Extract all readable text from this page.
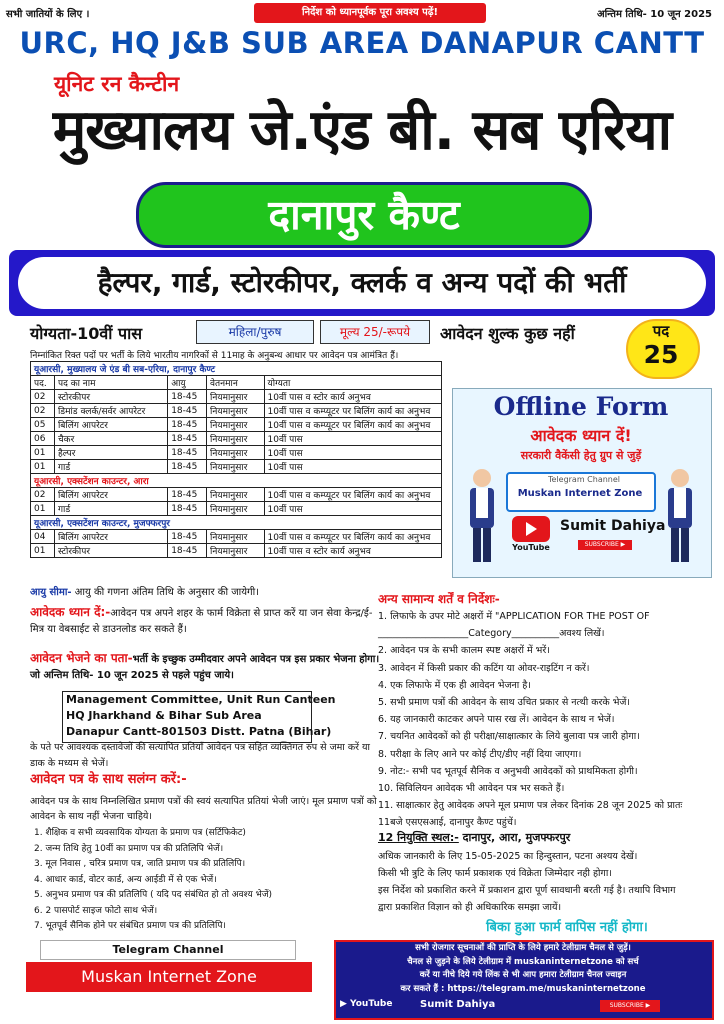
सभी जातियों के लिए ।	निर्देश को ध्यानपूर्वक पूरा अवश्य पढ़ें!	अन्तिम तिथि- 10 जून 2025
URC, HQ J&B SUB AREA DANAPUR CANTT
यूनिट रन कैन्टीन
मुख्यालय जे.एंड बी. सब एरिया
दानापुर कैण्ट
हैल्पर, गार्ड, स्टोरकीपर, क्लर्क व अन्य पदों की भर्ती
योग्यता-10वीं पास	महिला/पुरुष	मूल्य 25/-रूपये	आवेदन शुल्क कुछ नहीं	पद
25
निम्नांकित रिक्त पदों पर भर्ती के लिये भारतीय नागरिकों से 11माह के अनुबन्ध आधार पर आवेदन पत्र आमंत्रित हैं।
यूआरसी, मुख्यालय जे एंड बी सब-एरिया, दानापुर कैण्ट				
पद.	पद का नाम	आयु	वेतनमान	योग्यता
02	स्टोरकीपर	18-45	नियमानुसार	10वीं पास व स्टोर कार्य अनुभव
02	डिमांड क्लर्क/सर्वर आपरेटर	18-45	नियमानुसार	10वीं पास व कम्प्यूटर पर बिलिंग कार्य का अनुभव
05	बिलिंग आपरेटर	18-45	नियमानुसार	10वीं पास व कम्प्यूटर पर बिलिंग कार्य का अनुभव
06	चैकर	18-45	नियमानुसार	10वीं पास
01	हैल्पर	18-45	नियमानुसार	10वीं पास
01	गार्ड	18-45	नियमानुसार	10वीं पास
यूआरसी, एक्सटेंशन काउन्टर, आरा				
02	बिलिंग आपरेटर	18-45	नियमानुसार	10वीं पास व कम्प्यूटर पर बिलिंग कार्य का अनुभव
01	गार्ड	18-45	नियमानुसार	10वीं पास
यूआरसी, एक्सटेंशन काउन्टर, मुजफ्फरपुर				
04	बिलिंग आपरेटर	18-45	नियमानुसार	10वीं पास व कम्प्यूटर पर बिलिंग कार्य का अनुभव
01	स्टोरकीपर	18-45	नियमानुसार	10वीं पास व स्टोर कार्य अनुभव
Offline Form
आवेदक ध्यान दें!
सरकारी वैकेंसी हेतु ग्रुप से जुड़ें
Telegram Channel
Muskan Internet Zone
YouTube
Sumit Dahiya
SUBSCRIBE ▶
आयु सीमा- आयु की गणना अंतिम तिथि के अनुसार की जायेगी।
आवेदक ध्यान दें:-आवेदन पत्र अपने शहर के फार्म विक्रेता से प्राप्त करें या जन सेवा केन्द्र/ई-मित्र या वेबसाईट से डाउनलोड कर सकते हैं।
आवेदन भेजने का पता-भर्ती के इच्छुक उम्मीदवार अपने आवेदन पत्र इस प्रकार भेजना होगा। जो अन्तिम तिथि- 10 जून 2025 से पहले पहुंच जाये।
Management Committee, Unit Run Canteen
HQ Jharkhand & Bihar Sub Area
Danapur Cantt-801503 Distt. Patna (Bihar)
के पते पर आवश्यक दस्तावेजों की सत्यापित प्रतियाँ आवेदन पत्र सहित व्यक्तिगत रुप से जमा करें या डाक के मध्यम से भेजें।
आवेदन पत्र के साथ सलंग्न करें:-
आवेदन पत्र के साथ निम्नलिखित प्रमाण पत्रों की स्वयं सत्यापित प्रतियां भेजी जाएं। मूल प्रमाण पत्रों को आवेदन के साथ नहीं भेजना चाहिये।
1. शैक्षिक व सभी व्यवसायिक योग्यता के प्रमाण पत्र (सर्टिफिकेट)
2. जन्म तिथि हेतु 10वीं का प्रमाण पत्र की प्रतिलिपि भेजें।
3. मूल निवास , चरित्र प्रमाण पत्र, जाति प्रमाण पत्र की प्रतिलिपि।
4. आधार कार्ड, वोटर कार्ड, अन्य आईडी में से एक भेजें।
5. अनुभव प्रमाण पत्र की प्रतिलिपि ( यदि पद संबंधित हो तो अवश्य भेजें)
6. 2 पासपोर्ट साइज फोटो साथ भेजें।
7. भूतपूर्व सैनिक होने पर संबंधित प्रमाण पत्र की प्रतिलिपि।
अन्य सामान्य शर्तें व निर्देशः-
1. लिफाफे के उपर मोटे अक्षरों में "APPLICATION FOR THE POST OF
___________________Category__________अवश्य लिखें।
2. आवेदन पत्र के सभी कालम स्पष्ट अक्षरों में भरें।
3. आवेदन में किसी प्रकार की कटिंग या ओवर-राइटिंग न करें।
4. एक लिफाफे में एक ही आवेदन भेजना है।
5. सभी प्रमाण पत्रों की आवेदन के साथ उचित प्रकार से नत्थी करके भेजें।
6. यह जानकारी काटकर अपने पास रख लें। आवेदन के साथ न भेजें।
7. चयनित आवेदकों को ही परीक्षा/साक्षात्कार के लिये बुलावा पत्र जारी होगा।
8. परीक्षा के लिए आने पर कोई टीए/डीए नहीं दिया जाएगा।
9. नोट:- सभी पद भूतपूर्व सैनिक व अनुभवी आवेदकों को प्राथमिकता होगी।
10. सिविलियन आवेदक भी आवेदन पत्र भर सकते हैं।
11. साक्षात्कार हेतु आवेदक अपने मूल प्रमाण पत्र लेकर दिनांक 28 जून 2025 को प्रातः
11बजे एसएसआई, दानापुर कैण्ट पहुंचें।
12 नियुक्ति स्थल:- दानापुर, आरा, मुजफ्फरपुर
अधिक जानकारी के लिए 15-05-2025 का हिन्दुस्तान, पटना अश्यय देखें।
किसी भी त्रुटि के लिए फार्म प्रकाशक एवं विक्रेता जिम्मेदार नही होगा।
इस निर्देश को प्रकाशित करने में प्रकाशन द्वारा पूर्ण सावधानी बरती गई है। तथापि विभाग
द्वारा प्रकाशित विज्ञान को ही अधिकारिक समझा जायें।
बिका हुआ फार्म वापिस नहीं होगा।
Telegram Channel
Muskan Internet Zone
सभी रोजगार सूचनाओं की प्राप्ति के लिये हमारे टेलीग्राम चैनल से जुड़ें।
चैनल से जुड़ने के लिये टेलीग्राम में muskaninternetzone को सर्च
करें या नीचे दिये गये लिंक से भी आप हमारा टेलीग्राम चैनल ज्वाइन
कर सकते हैं : https://telegram.me/muskaninternetzone
▶ YouTube	Sumit Dahiya	SUBSCRIBE ▶
